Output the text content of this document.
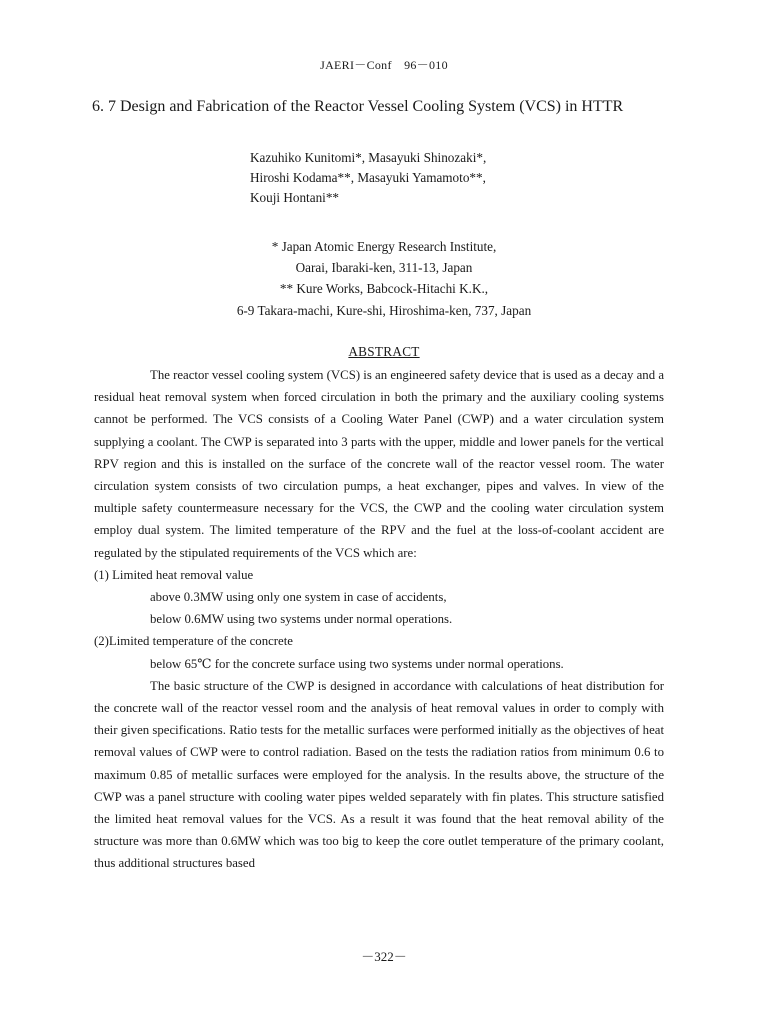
JAERI－Conf　96－010
6. 7 Design and Fabrication of the Reactor Vessel Cooling System (VCS) in HTTR
Kazuhiko Kunitomi*, Masayuki Shinozaki*,
Hiroshi Kodama**, Masayuki Yamamoto**,
Kouji Hontani**
* Japan Atomic Energy Research Institute,
Oarai, Ibaraki-ken, 311-13, Japan
** Kure Works, Babcock-Hitachi K.K.,
6-9 Takara-machi, Kure-shi, Hiroshima-ken, 737, Japan
ABSTRACT

The reactor vessel cooling system (VCS) is an engineered safety device that is used as a decay and a residual heat removal system when forced circulation in both the primary and the auxiliary cooling systems cannot be performed. The VCS consists of a Cooling Water Panel (CWP) and a water circulation system supplying a coolant. The CWP is separated into 3 parts with the upper, middle and lower panels for the vertical RPV region and this is installed on the surface of the concrete wall of the reactor vessel room. The water circulation system consists of two circulation pumps, a heat exchanger, pipes and valves. In view of the multiple safety countermeasure necessary for the VCS, the CWP and the cooling water circulation system employ dual system. The limited temperature of the RPV and the fuel at the loss-of-coolant accident are regulated by the stipulated requirements of the VCS which are:

(1) Limited heat removal value

above 0.3MW using only one system in case of accidents,

below 0.6MW using two systems under normal operations.

(2)Limited temperature of the concrete

below 65℃ for the concrete surface using two systems under normal operations.

The basic structure of the CWP is designed in accordance with calculations of heat distribution for the concrete wall of the reactor vessel room and the analysis of heat removal values in order to comply with their given specifications. Ratio tests for the metallic surfaces were performed initially as the objectives of heat removal values of CWP were to control radiation. Based on the tests the radiation ratios from minimum 0.6 to maximum 0.85 of metallic surfaces were employed for the analysis. In the results above, the structure of the CWP was a panel structure with cooling water pipes welded separately with fin plates. This structure satisfied the limited heat removal values for the VCS. As a result it was found that the heat removal ability of the structure was more than 0.6MW which was too big to keep the core outlet temperature of the primary coolant, thus additional structures based

－322－
